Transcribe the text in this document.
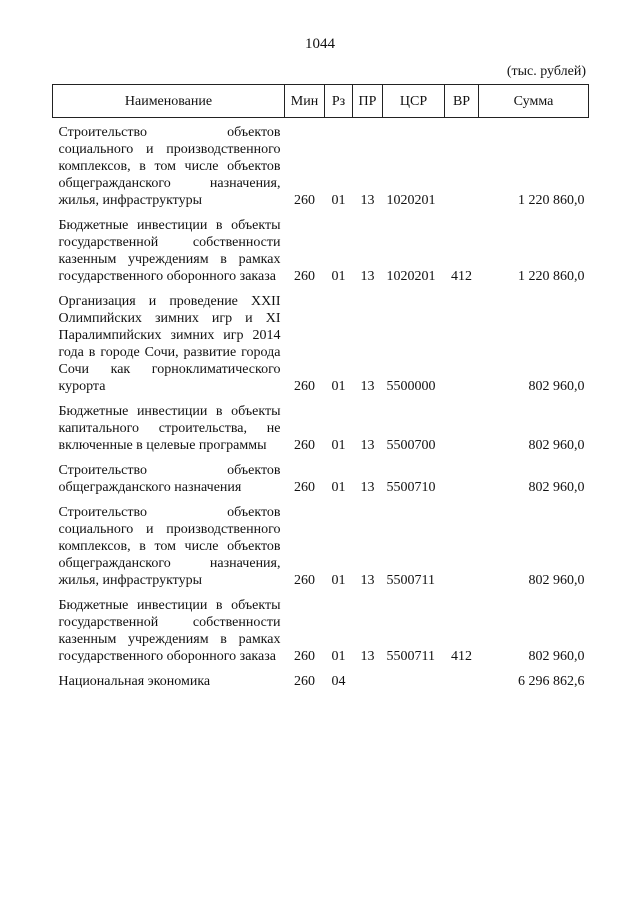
1044
(тыс. рублей)
Наименование	Мин	Рз	ПР	ЦСР	ВР	Сумма
Строительство объектов социального и производственного комплексов, в том числе объектов общегражданского назначения, жилья, инфраструктуры	260	01	13	1020201		1 220 860,0
Бюджетные инвестиции в объекты государственной собственности казенным учреждениям в рамках государственного оборонного заказа	260	01	13	1020201	412	1 220 860,0
Организация и проведение XXII Олимпийских зимних игр и XI Паралимпийских зимних игр 2014 года в городе Сочи, развитие города Сочи как горноклиматического курорта	260	01	13	5500000		802 960,0
Бюджетные инвестиции в объекты капитального строительства, не включенные в целевые программы	260	01	13	5500700		802 960,0
Строительство объектов общегражданского назначения	260	01	13	5500710		802 960,0
Строительство объектов социального и производственного комплексов, в том числе объектов общегражданского назначения, жилья, инфраструктуры	260	01	13	5500711		802 960,0
Бюджетные инвестиции в объекты государственной собственности казенным учреждениям в рамках государственного оборонного заказа	260	01	13	5500711	412	802 960,0
Национальная экономика	260	04				6 296 862,6
